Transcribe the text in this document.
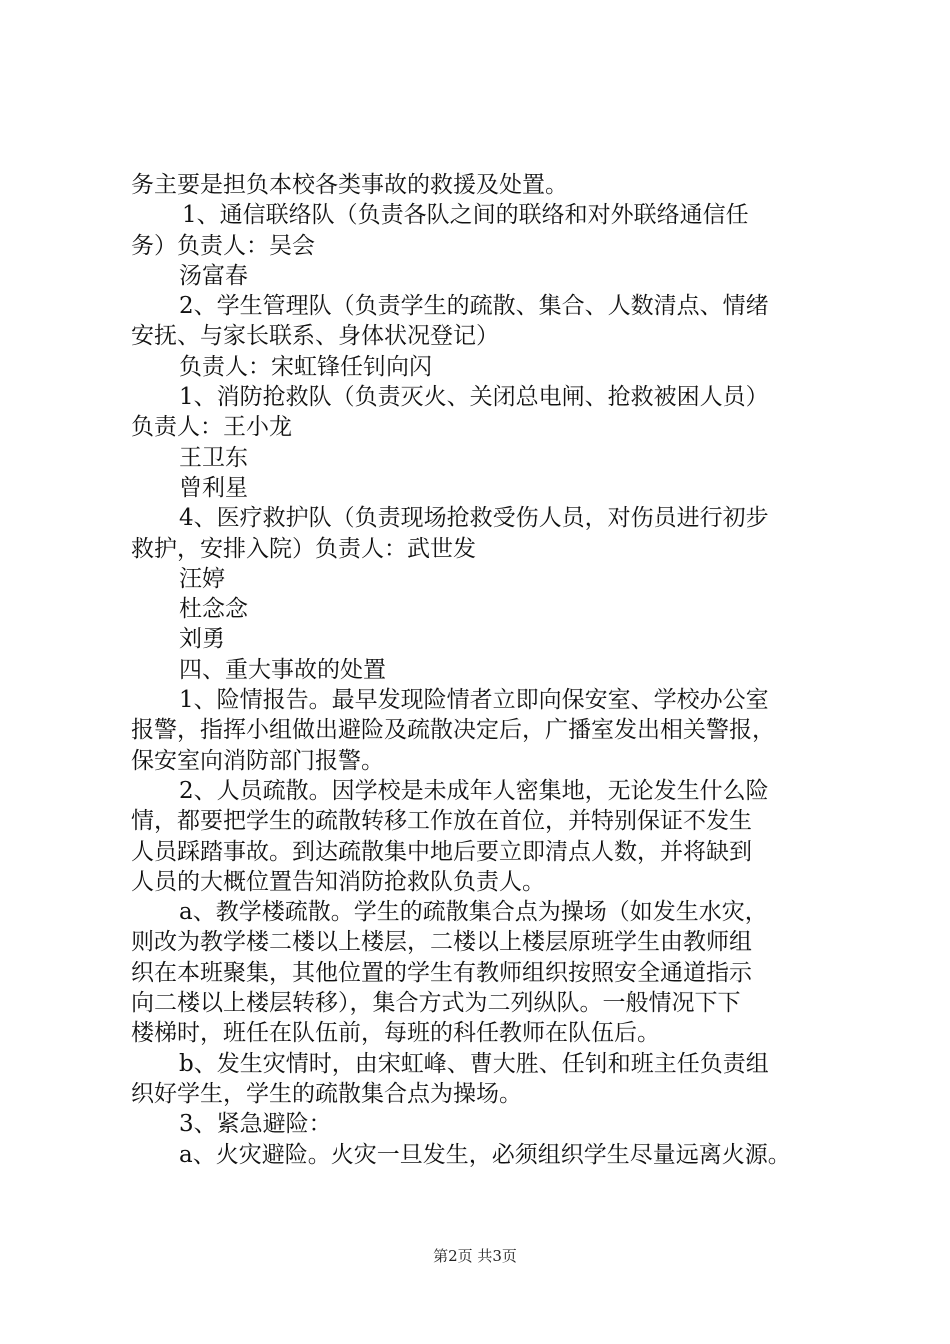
务主要是担负本校各类事故的救援及处置。
1、通信联络队（负责各队之间的联络和对外联络通信任
务）负责人：吴会
汤富春
2、学生管理队（负责学生的疏散、集合、人数清点、情绪
安抚、与家长联系、身体状况登记）
负责人：宋虹锋任钊向闪
1、消防抢救队（负责灭火、关闭总电闸、抢救被困人员）
负责人：王小龙
王卫东
曾利星
4、医疗救护队（负责现场抢救受伤人员，对伤员进行初步
救护，安排入院）负责人：武世发
汪婷
杜念念
刘勇
四、重大事故的处置
1、险情报告。最早发现险情者立即向保安室、学校办公室
报警，指挥小组做出避险及疏散决定后，广播室发出相关警报，
保安室向消防部门报警。
2、人员疏散。因学校是未成年人密集地，无论发生什么险
情，都要把学生的疏散转移工作放在首位，并特别保证不发生
人员踩踏事故。到达疏散集中地后要立即清点人数，并将缺到
人员的大概位置告知消防抢救队负责人。
a、教学楼疏散。学生的疏散集合点为操场（如发生水灾，
则改为教学楼二楼以上楼层，二楼以上楼层原班学生由教师组
织在本班聚集，其他位置的学生有教师组织按照安全通道指示
向二楼以上楼层转移），集合方式为二列纵队。一般情况下下
楼梯时，班任在队伍前，每班的科任教师在队伍后。
b、发生灾情时，由宋虹峰、曹大胜、任钊和班主任负责组
织好学生，学生的疏散集合点为操场。
3、紧急避险：
a、火灾避险。火灾一旦发生，必须组织学生尽量远离火源。
第2页 共3页
